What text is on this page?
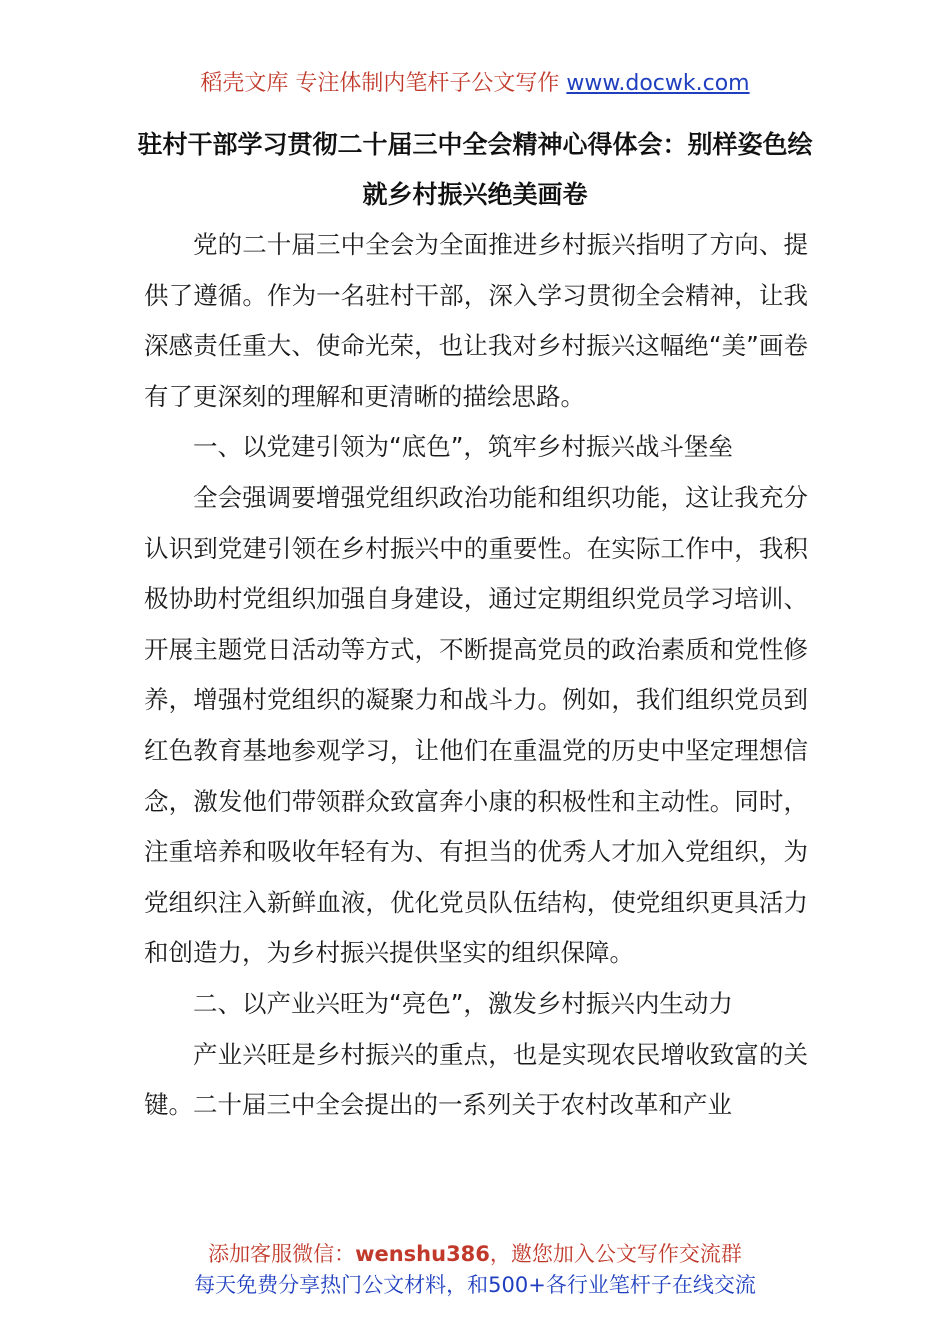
稻壳文库 专注体制内笔杆子公文写作 www.docwk.com
驻村干部学习贯彻二十届三中全会精神心得体会：别样姿色绘就乡村振兴绝美画卷

党的二十届三中全会为全面推进乡村振兴指明了方向、提供了遵循。作为一名驻村干部，深入学习贯彻全会精神，让我深感责任重大、使命光荣，也让我对乡村振兴这幅绝“美”画卷有了更深刻的理解和更清晰的描绘思路。

一、以党建引领为“底色”，筑牢乡村振兴战斗堡垒

全会强调要增强党组织政治功能和组织功能，这让我充分认识到党建引领在乡村振兴中的重要性。在实际工作中，我积极协助村党组织加强自身建设，通过定期组织党员学习培训、开展主题党日活动等方式，不断提高党员的政治素质和党性修养，增强村党组织的凝聚力和战斗力。例如，我们组织党员到红色教育基地参观学习，让他们在重温党的历史中坚定理想信念，激发他们带领群众致富奔小康的积极性和主动性。同时，注重培养和吸收年轻有为、有担当的优秀人才加入党组织，为党组织注入新鲜血液，优化党员队伍结构，使党组织更具活力和创造力，为乡村振兴提供坚实的组织保障。

二、以产业兴旺为“亮色”，激发乡村振兴内生动力

产业兴旺是乡村振兴的重点，也是实现农民增收致富的关键。二十届三中全会提出的一系列关于农村改革和产业

添加客服微信：wenshu386，邀您加入公文写作交流群
每天免费分享热门公文材料，和500+各行业笔杆子在线交流
